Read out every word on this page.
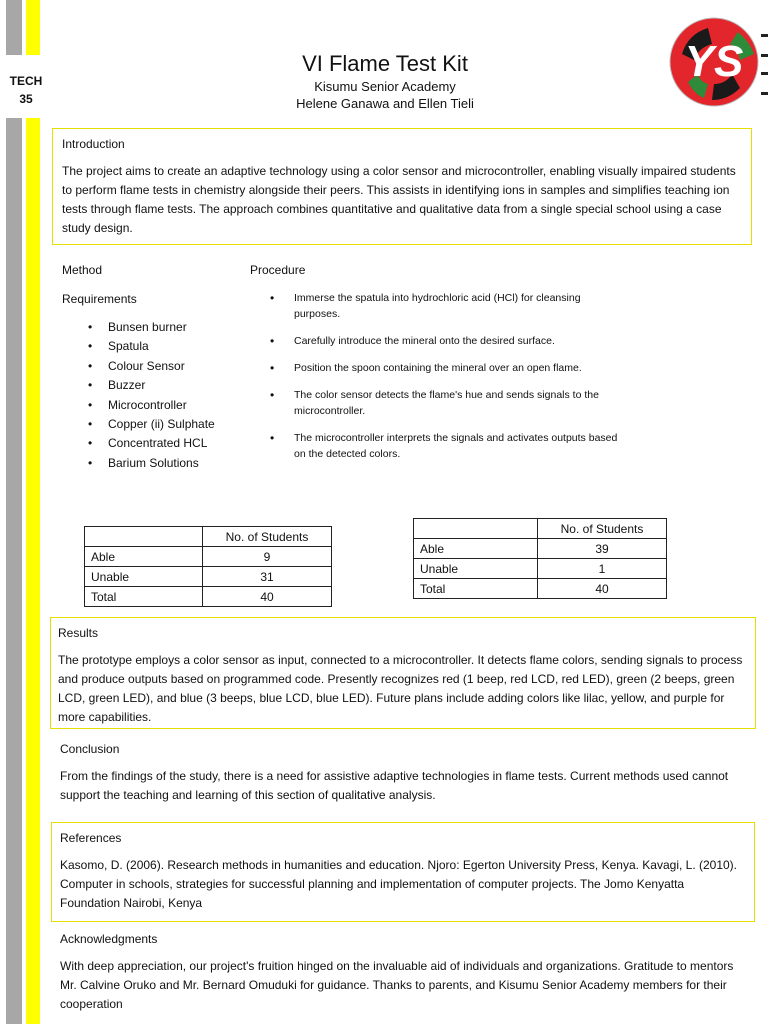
TECH
35
VI Flame Test Kit
Kisumu Senior Academy
Helene Ganawa and Ellen Tieli
YS
Introduction
The project aims to create an adaptive technology using a color sensor and microcontroller, enabling visually impaired students to perform flame tests in chemistry alongside their peers. This assists in identifying ions in samples and simplifies teaching ion tests through flame tests. The approach combines quantitative and qualitative data from a single special school using a case study design.
Method
Requirements
• Bunsen burner
• Spatula
• Colour Sensor
• Buzzer
• Microcontroller
• Copper (ii) Sulphate
• Concentrated HCL
• Barium Solutions
Procedure
• Immerse the spatula into hydrochloric acid (HCl) for cleansing purposes.
• Carefully introduce the mineral onto the desired surface.
• Position the spoon containing the mineral over an open flame.
• The color sensor detects the flame's hue and sends signals to the microcontroller.
• The microcontroller interprets the signals and activates outputs based on the detected colors.
	No. of Students
Able	9
Unable	31
Total	40
	No. of Students
Able	39
Unable	1
Total	40
Results
The prototype employs a color sensor as input, connected to a microcontroller. It detects flame colors, sending signals to process and produce outputs based on programmed code. Presently recognizes red (1 beep, red LCD, red LED), green (2 beeps, green LCD, green LED), and blue (3 beeps, blue LCD, blue LED). Future plans include adding colors like lilac, yellow, and purple for more capabilities.
Conclusion
From the findings of the study, there is a need for assistive adaptive technologies in flame tests. Current methods used cannot support the teaching and learning of this section of qualitative analysis.
References
Kasomo, D. (2006). Research methods in humanities and education. Njoro: Egerton University Press, Kenya. Kavagi, L. (2010). Computer in schools, strategies for successful planning and implementation of computer projects. The Jomo Kenyatta Foundation Nairobi, Kenya
Acknowledgments
With deep appreciation, our project's fruition hinged on the invaluable aid of individuals and organizations. Gratitude to mentors Mr. Calvine Oruko and Mr. Bernard Omuduki for guidance. Thanks to parents, and Kisumu Senior Academy members for their cooperation
